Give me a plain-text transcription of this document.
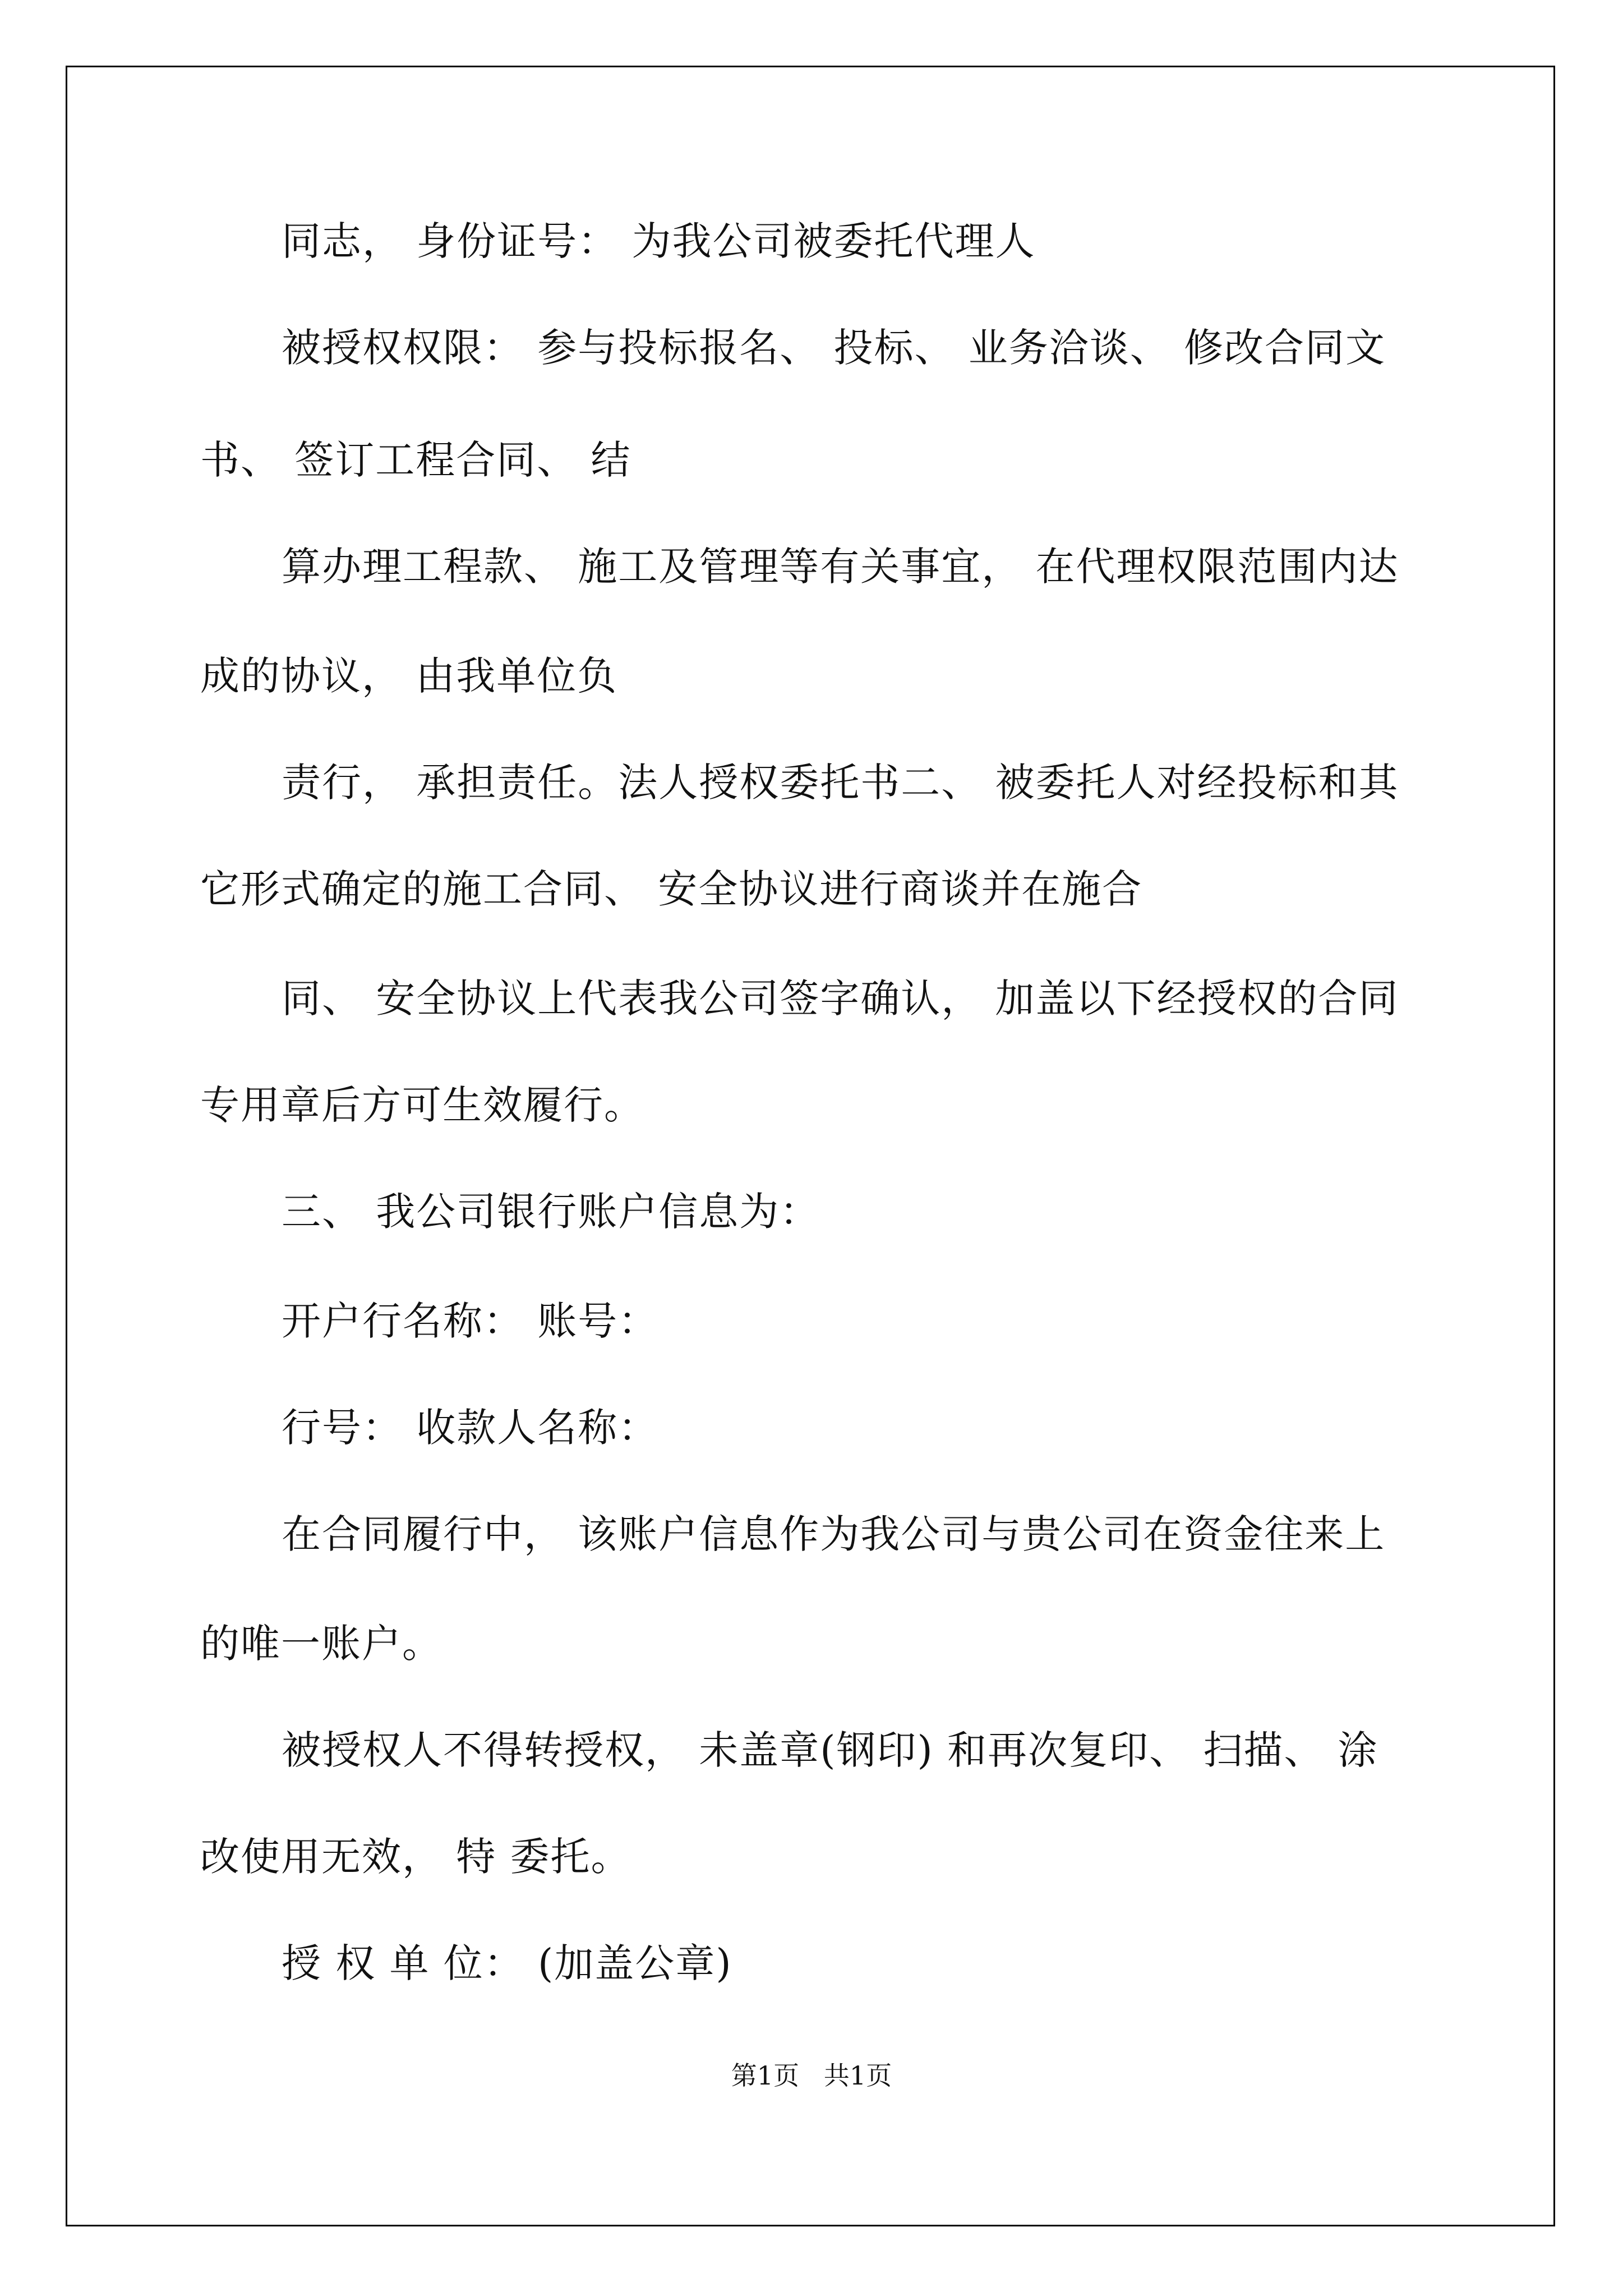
同志， 身份证号： 为我公司被委托代理人
被授权权限： 参与投标报名、 投标、 业务洽谈、 修改合同文
书、 签订工程合同、 结
算办理工程款、 施工及管理等有关事宜， 在代理权限范围内达
成的协议， 由我单位负
责行， 承担责任。法人授权委托书二、 被委托人对经投标和其
它形式确定的施工合同、 安全协议进行商谈并在施合
同、 安全协议上代表我公司签字确认， 加盖以下经授权的合同
专用章后方可生效履行。
三、 我公司银行账户信息为：
开户行名称： 账号：
行号： 收款人名称：
在合同履行中， 该账户信息作为我公司与贵公司在资金往来上
的唯一账户。
被授权人不得转授权， 未盖章(钢印) 和再次复印、 扫描、 涂
改使用无效， 特 委托。
授 权 单 位： (加盖公章)
第1页   共1页
